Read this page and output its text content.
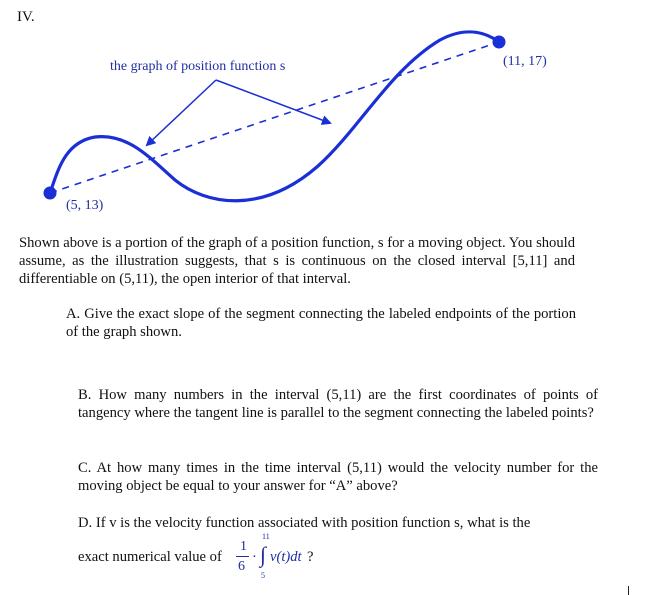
IV.
the graph of position function s	(11, 17)
(5, 13)
Shown above is a portion of the graph of a position function, s for a moving object. You should assume, as the illustration suggests, that s is continuous on the closed interval [5,11] and differentiable on (5,11), the open interior of that interval.
A. Give the exact slope of the segment connecting the labeled endpoints of the portion of the graph shown.
B. How many numbers in the interval (5,11) are the first coordinates of points of tangency where the tangent line is parallel to the segment connecting the labeled points?
C. At how many times in the time interval (5,11) would the velocity number for the moving object be equal to your answer for “A” above?
D. If v is the velocity function associated with position function s, what is the
exact numerical value of
1
6
·
11
∫
5
v(t)dt ?
